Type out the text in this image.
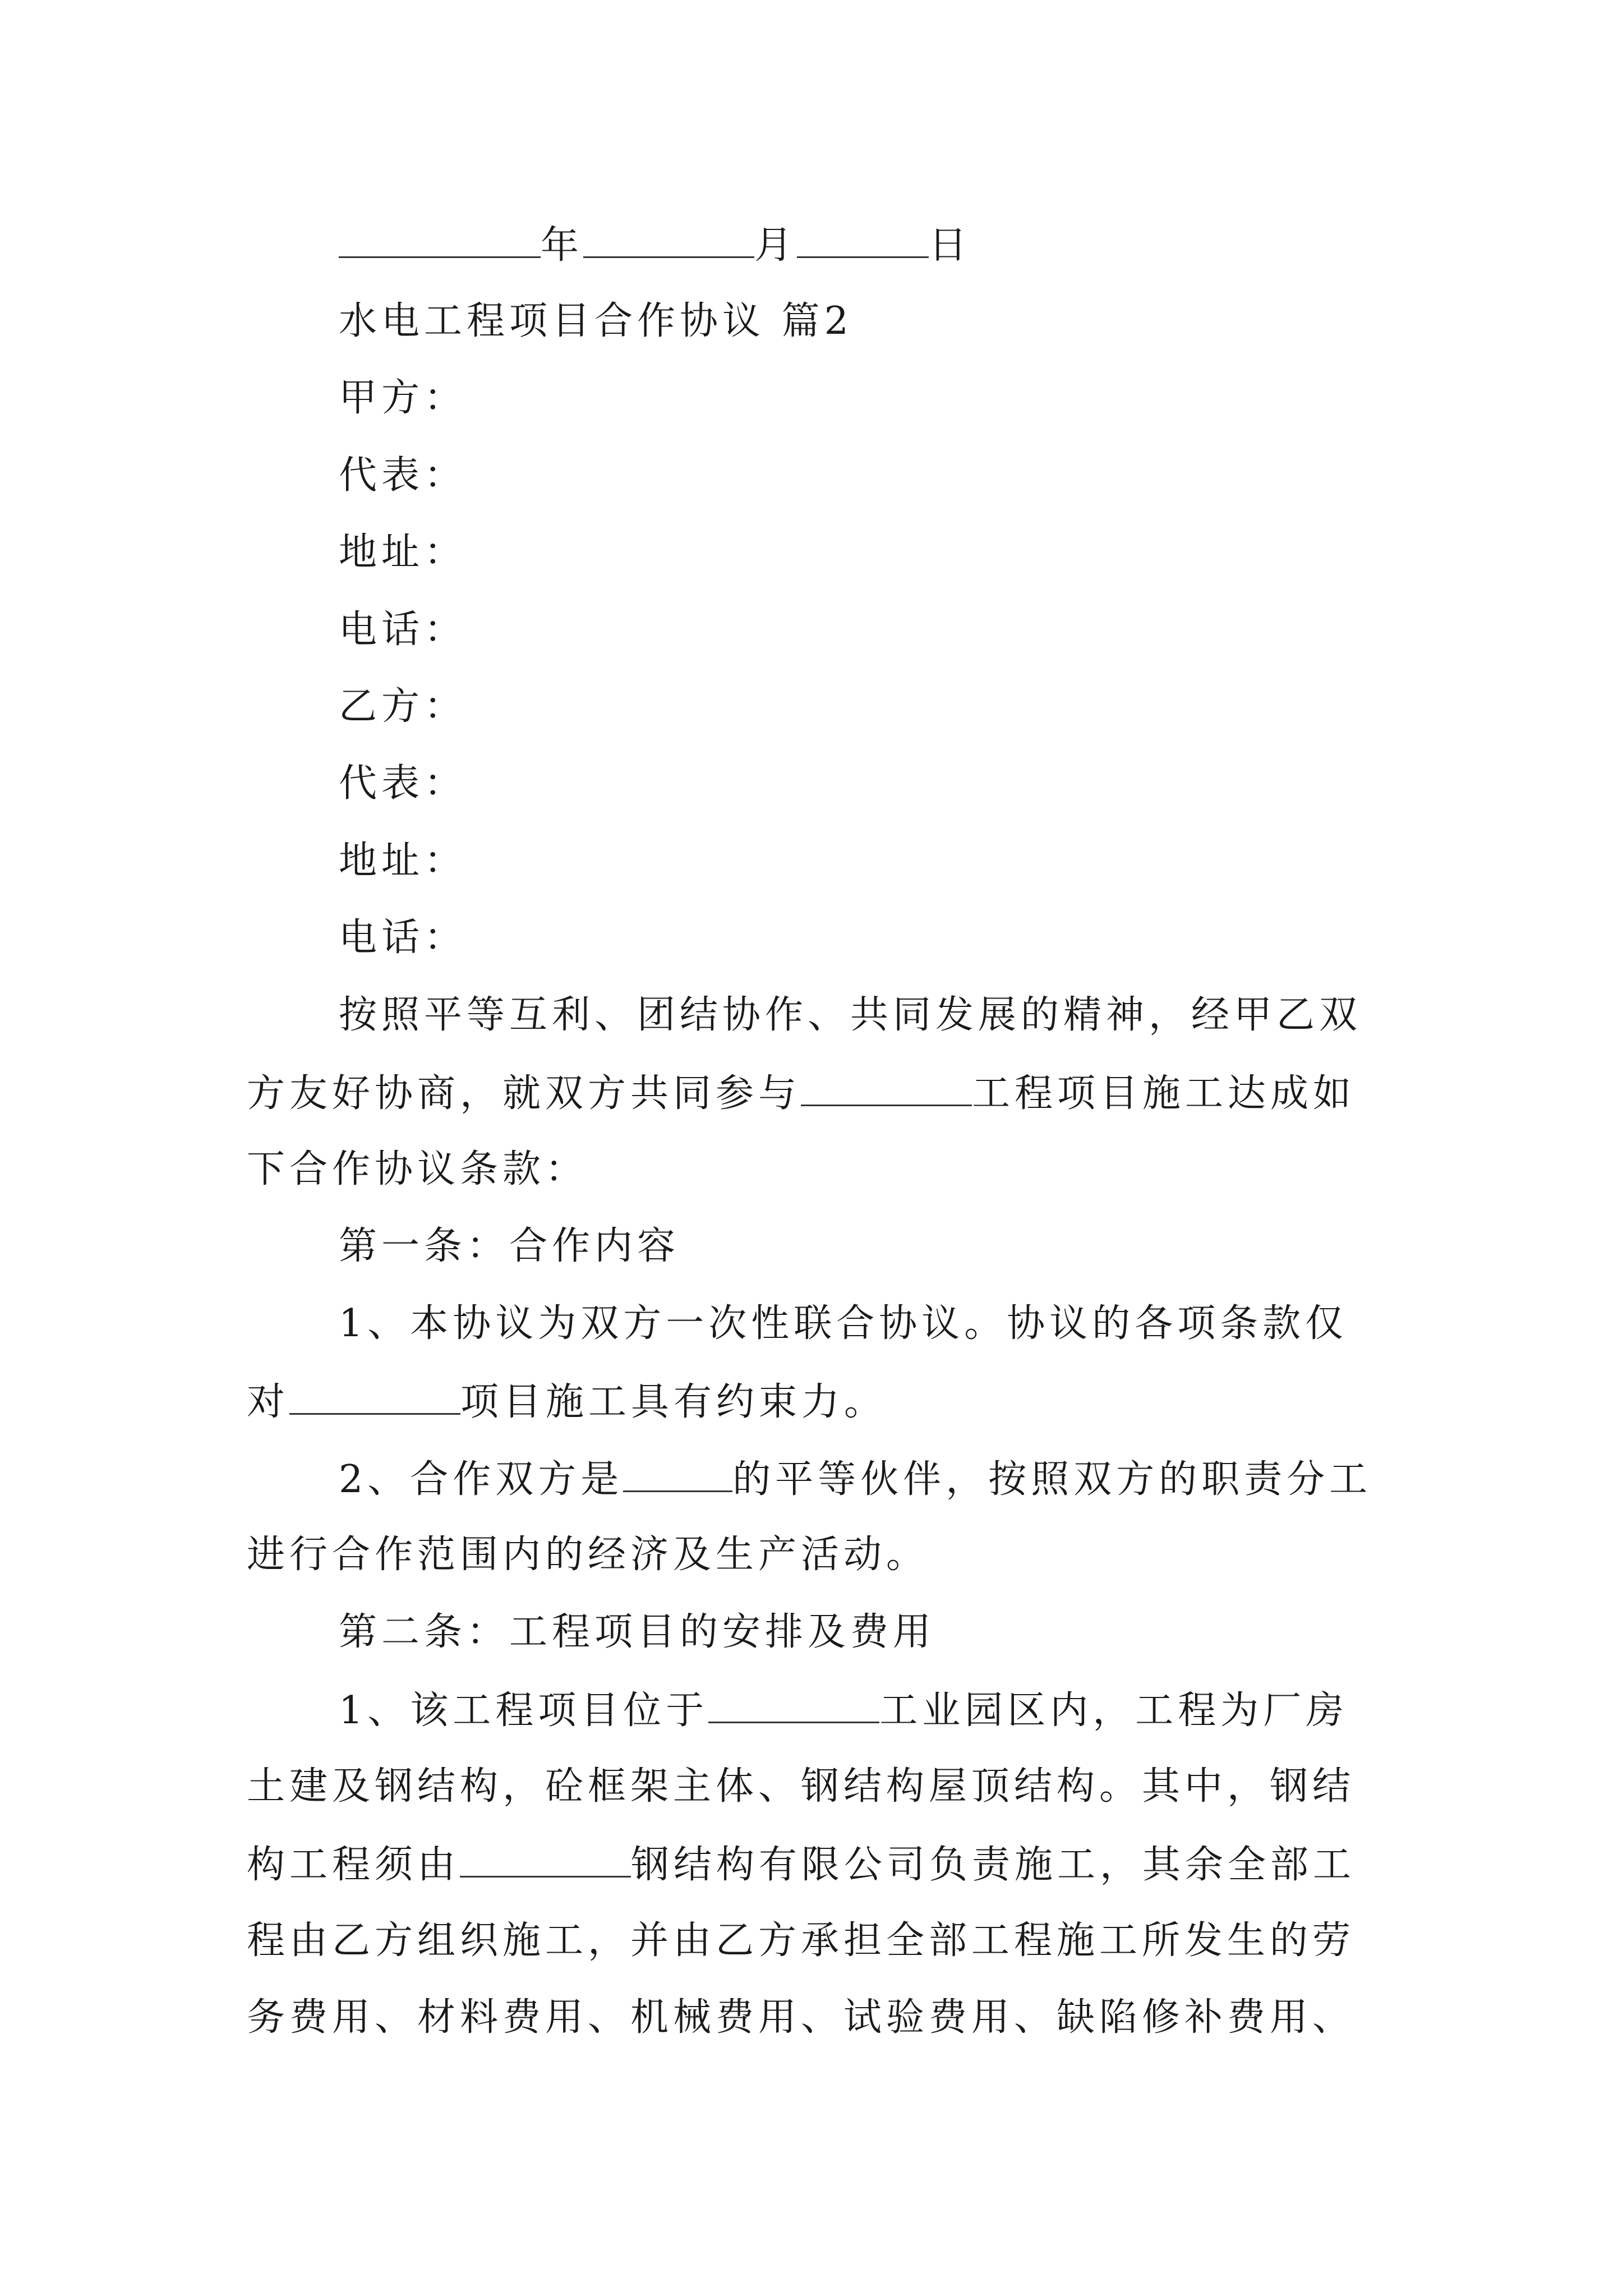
年	月	日
水电工程项目合作协议 篇2
甲方：
代表：
地址：
电话：
乙方：
代表：
地址：
电话：
按照平等互利、团结协作、共同发展的精神，经甲乙双
方友好协商，就双方共同参与	工程项目施工达成如
下合作协议条款：
第一条：合作内容
1、本协议为双方一次性联合协议。协议的各项条款仅
对	项目施工具有约束力。
2、合作双方是	的平等伙伴，按照双方的职责分工
进行合作范围内的经济及生产活动。
第二条：工程项目的安排及费用
1、该工程项目位于	工业园区内，工程为厂房
土建及钢结构，砼框架主体、钢结构屋顶结构。其中，钢结
构工程须由	钢结构有限公司负责施工，其余全部工
程由乙方组织施工，并由乙方承担全部工程施工所发生的劳
务费用、材料费用、机械费用、试验费用、缺陷修补费用、
